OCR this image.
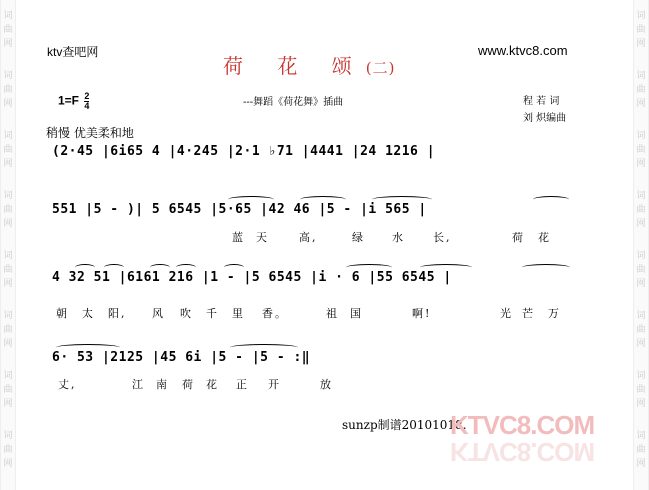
词
曲
网
词
曲
网
词
曲
网
词
曲
网
词
曲
网
词
曲
网
词
曲
网
词
曲
网
词
曲
网
词
曲
网
词
曲
网
词
曲
网
词
曲
网
词
曲
网
词
曲
网
词
曲
网
ktv查吧网	www.ktvc8.com
荷 花 颂(二)
$1=F \frac{2}{4}$	---舞蹈《荷花舞》插曲	程 若 词
刘 炽编曲
稍慢 优美柔和地
(2·45 |6i65 4 |4·245 |2·1 ♭71 |4441 |24 1216 |
551 |5 - )| 5 6545 |5·65 |42 46 |5 - |i 565 |
4 32 51 |6161 216 |1 - |5 6545 |i · 6 |55 6545 |
6· 53 |2125 |45 6i |5 - |5 - :‖
蓝 天	高,	绿 水	长,	荷 花
朝 太 阳, 风 吹 千 里 香。	祖 国	啊!	光 芒 万
丈,	江 南 荷 花 正 开	放
sunzp制谱20101018.
KTVC8.COM
KTVC8.COM
